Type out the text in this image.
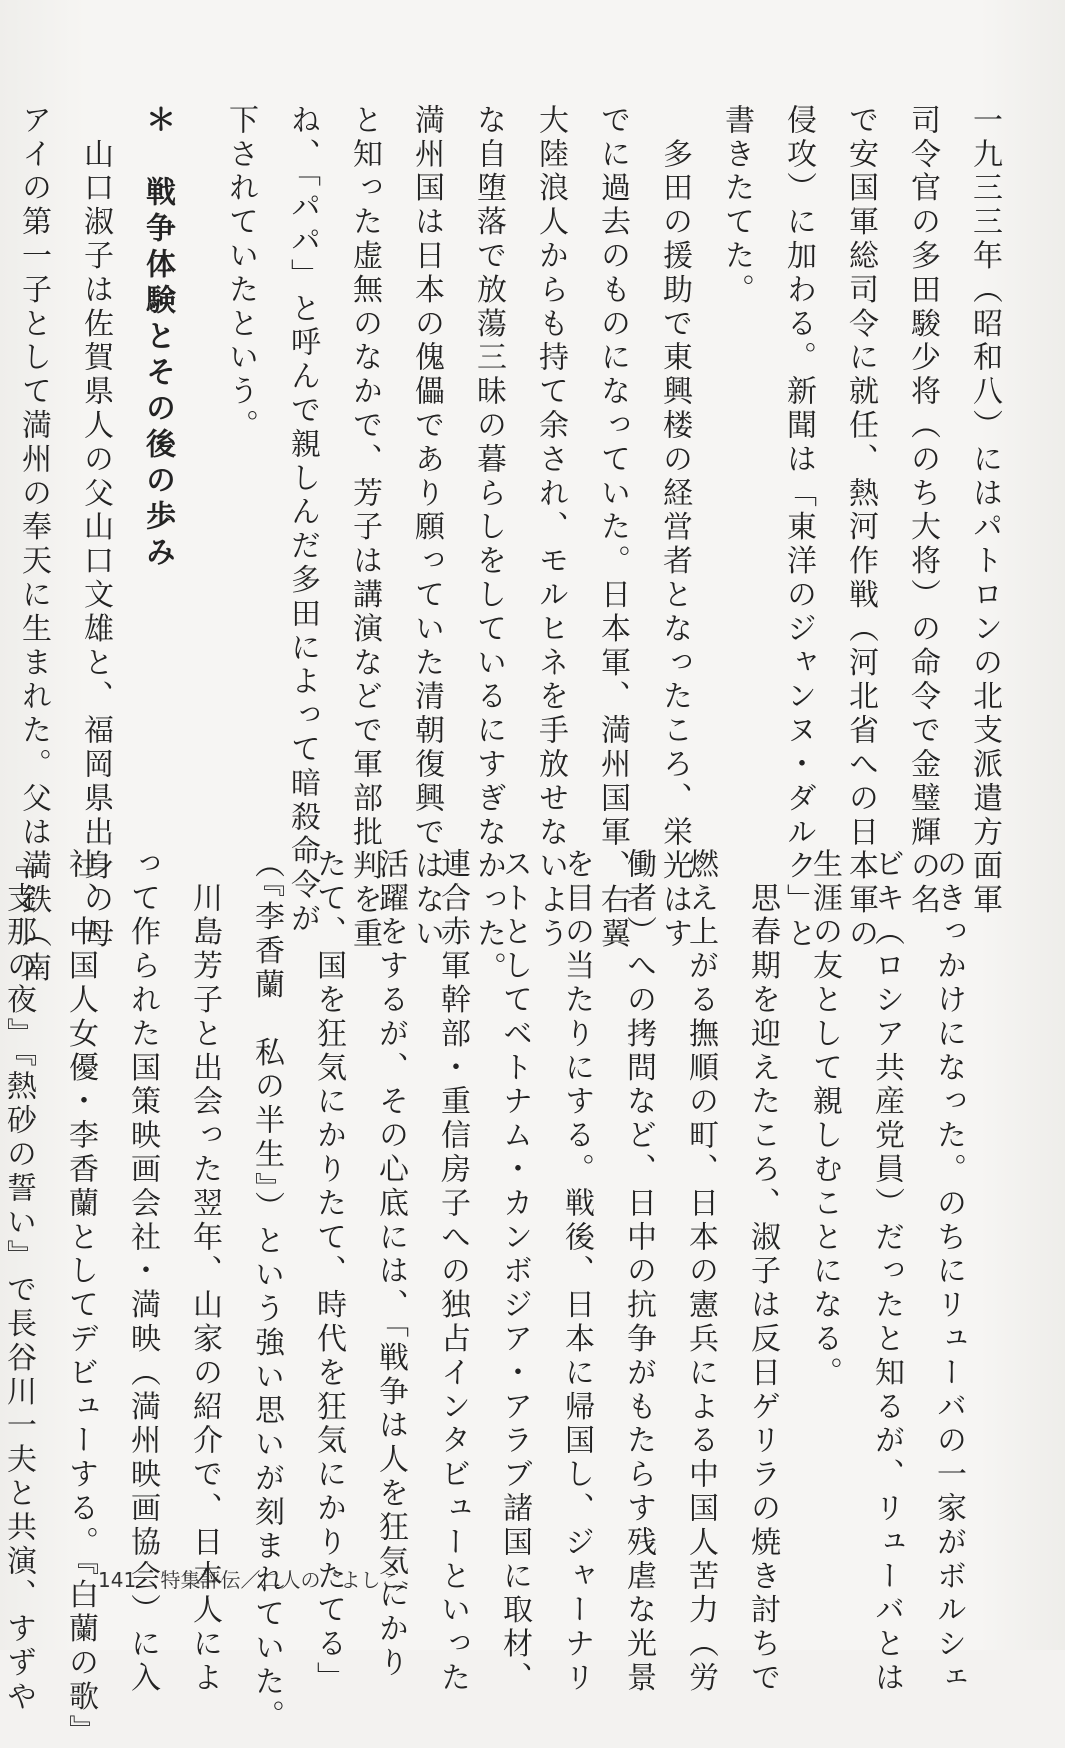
一九三三年（昭和八）にはパトロンの北支派遣方面軍
司令官の多田駿少将（のち大将）の命令で金璧輝の名
で安国軍総司令に就任、熱河作戦（河北省への日本軍の
侵攻）に加わる。新聞は「東洋のジャンヌ・ダルク」と
書きたてた。
　多田の援助で東興楼の経営者となったころ、栄光はす
でに過去のものになっていた。日本軍、満州国軍、右翼
大陸浪人からも持て余され、モルヒネを手放せないよう
な自堕落で放蕩三昧の暮らしをしているにすぎなかった。
満州国は日本の傀儡であり願っていた清朝復興ではない
と知った虚無のなかで、芳子は講演などで軍部批判を重
ね、「パパ」と呼んで親しんだ多田によって暗殺命令が
下されていたという。
＊　戦争体験とその後の歩み
　山口淑子は佐賀県人の父山口文雄と、福岡県出身の母
アイの第一子として満州の奉天に生まれた。父は満鉄（南
のきっかけになった。のちにリューバの一家がボルシェ
ビキ（ロシア共産党員）だったと知るが、リューバとは
生涯の友として親しむことになる。
　思春期を迎えたころ、淑子は反日ゲリラの焼き討ちで
燃え上がる撫順の町、日本の憲兵による中国人苦力（労
働者）への拷問など、日中の抗争がもたらす残虐な光景
を目の当たりにする。戦後、日本に帰国し、ジャーナリ
ストとしてベトナム・カンボジア・アラブ諸国に取材、
連合赤軍幹部・重信房子への独占インタビューといった
活躍をするが、その心底には、「戦争は人を狂気にかり
たて、国を狂気にかりたて、時代を狂気にかりたてる」
（『李香蘭　私の半生』）という強い思いが刻まれていた。
　川島芳子と出会った翌年、山家の紹介で、日本人によ
って作られた国策映画会社・満映（満州映画協会）に入
社、中国人女優・李香蘭としてデビューする。『白蘭の歌』
『支那の夜』『熱砂の誓い』で長谷川一夫と共演、すずや	141 特集評伝／二人の〝よしこ〟
